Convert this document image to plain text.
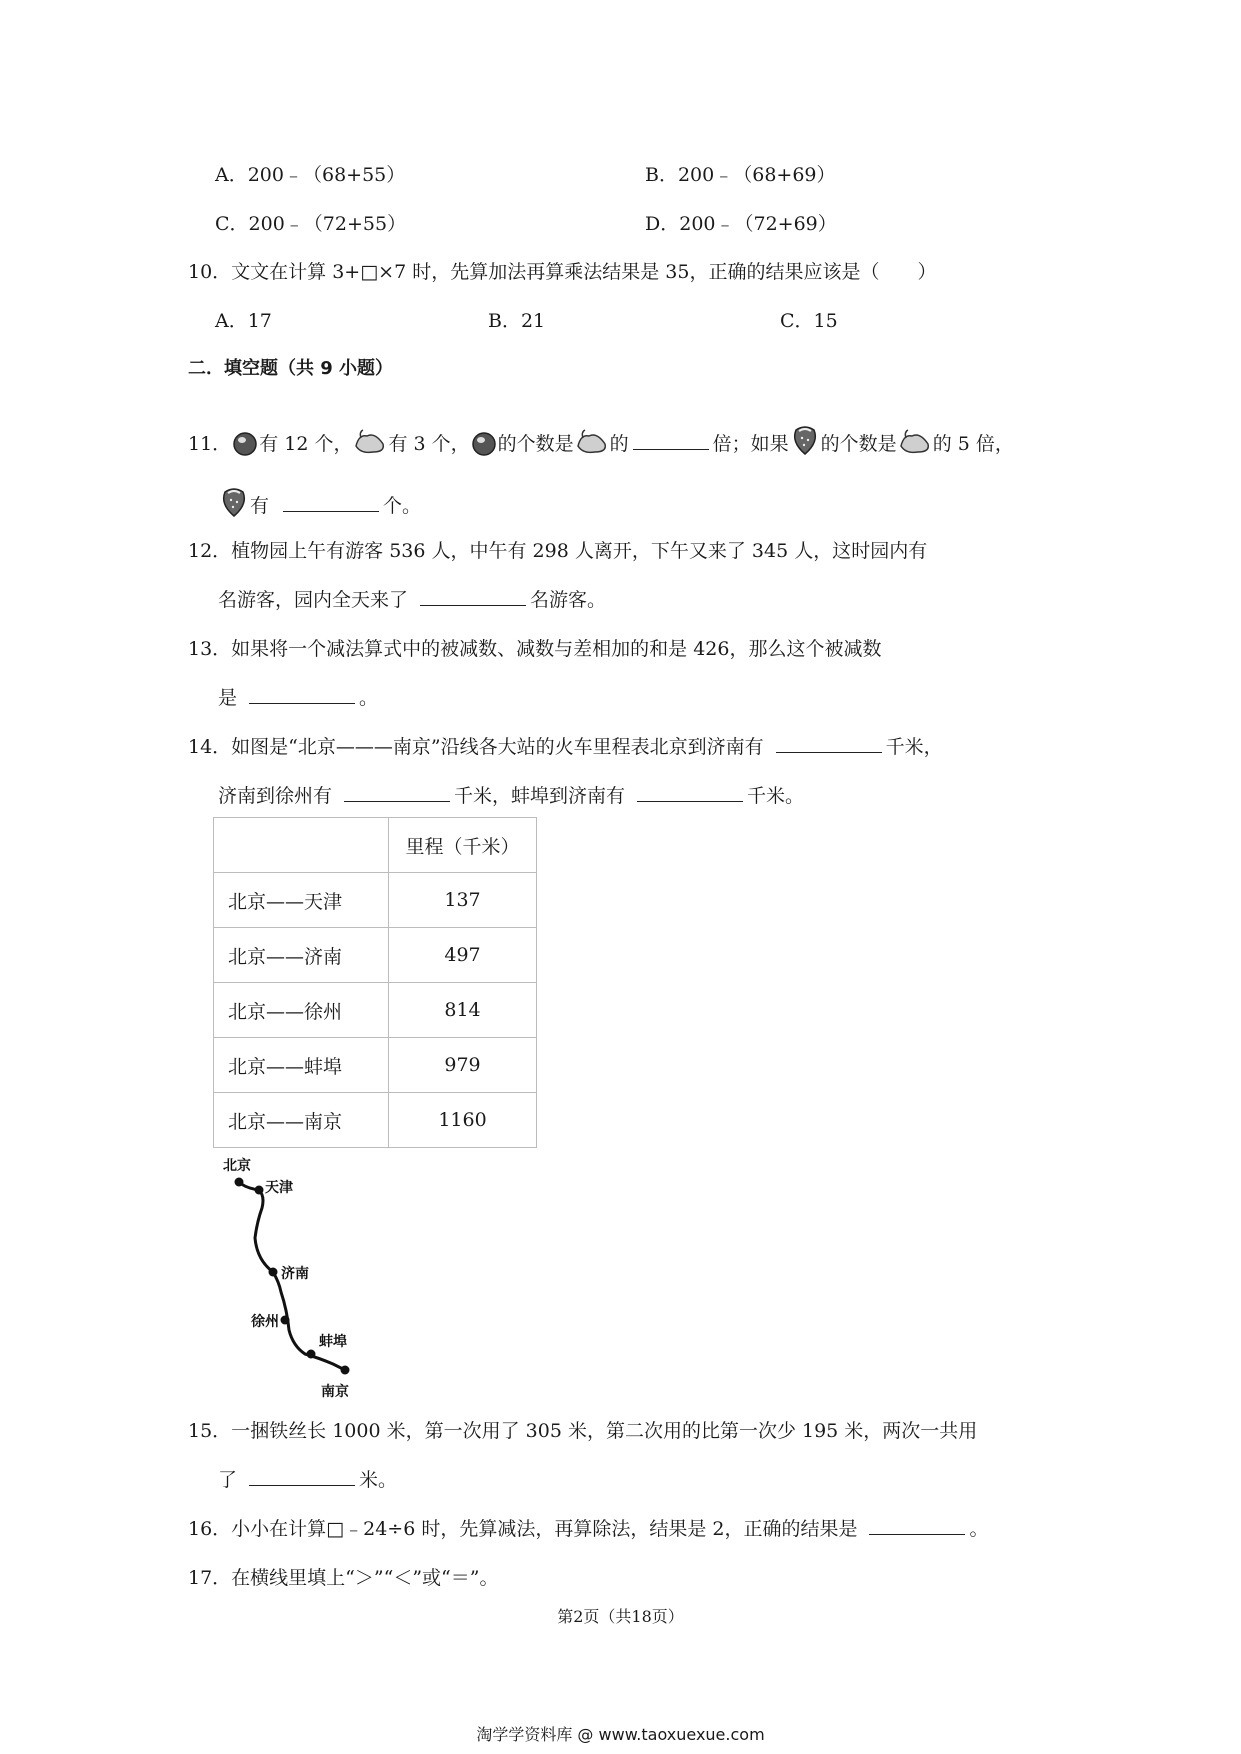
A．200﹣（68+55）	B．200﹣（68+69）
C．200﹣（72+55）	D．200﹣（72+69）
10．文文在计算 3+□×7 时，先算加法再算乘法结果是 35，正确的结果应该是（　　）
A．17	B．21	C．15
二．填空题（共 9 小题）
11． 有 12 个， 有 3 个， 的个数是 的	倍；如果 的个数是 的 5 倍，
有	个。
12．植物园上午有游客 536 人，中午有 298 人离开，下午又来了 345 人，这时园内有
名游客，园内全天来了	名游客。
13．如果将一个减法算式中的被减数、减数与差相加的和是 426，那么这个被减数
是	。
14．如图是“北京———南京”沿线各大站的火车里程表北京到济南有	千米，
济南到徐州有	千米，蚌埠到济南有	千米。
	里程（千米）
北京——天津	137
北京——济南	497
北京——徐州	814
北京——蚌埠	979
北京——南京	1160
北京
天津
济南
徐州
蚌埠
南京
15．一捆铁丝长 1000 米，第一次用了 305 米，第二次用的比第一次少 195 米，两次一共用
了	米。
16．小小在计算□﹣24÷6 时，先算减法，再算除法，结果是 2，正确的结果是	。
17．在横线里填上“＞”“＜”或“＝”。
第2页（共18页）
淘学学资料库 @ www.taoxuexue.com
